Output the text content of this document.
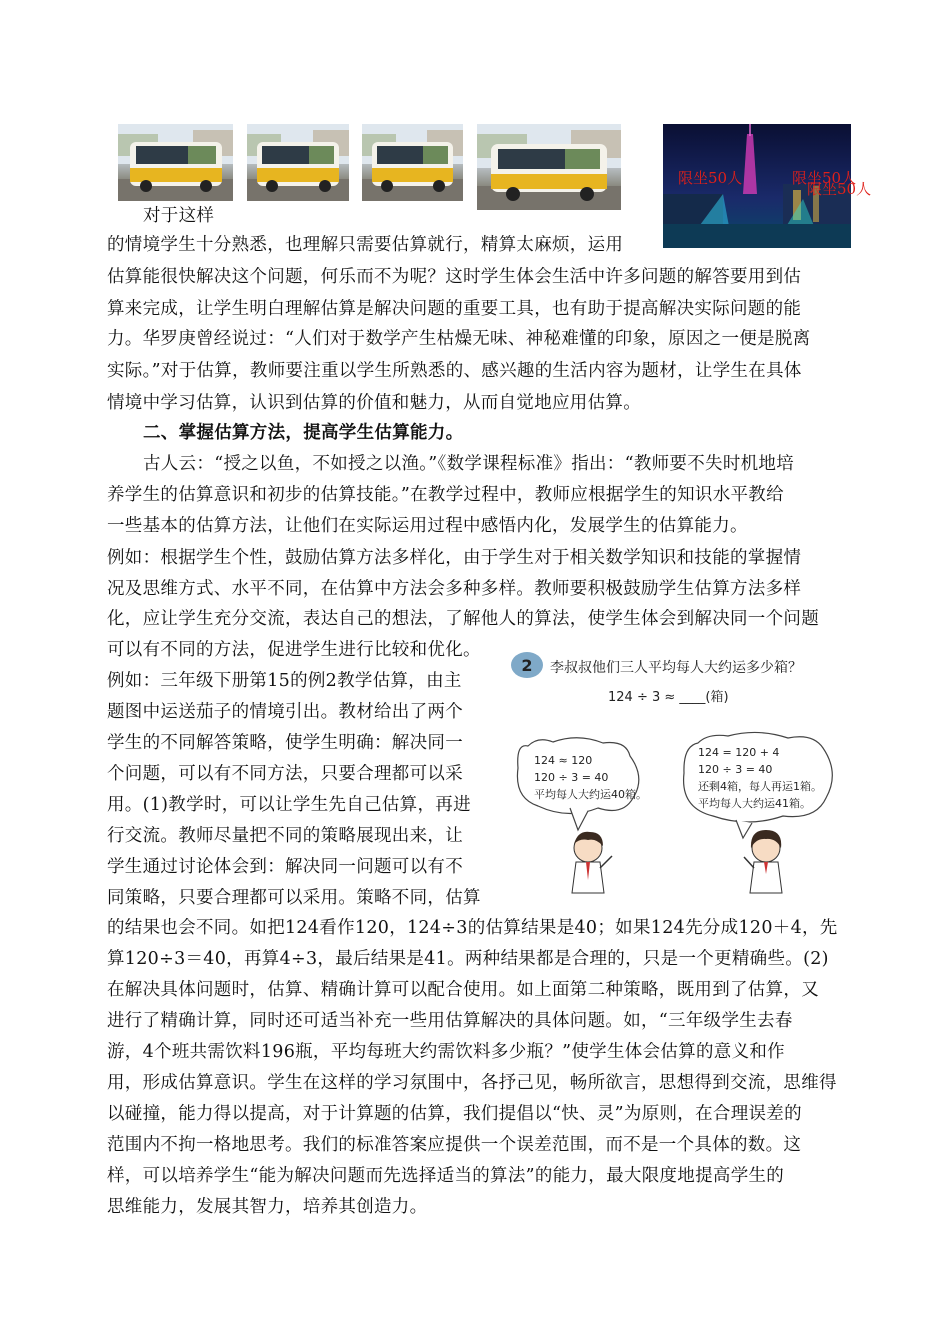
限坐50人	限坐50人
限坐50人
对于这样
的情境学生十分熟悉，也理解只需要估算就行，精算太麻烦，运用
估算能很快解决这个问题，何乐而不为呢？这时学生体会生活中许多问题的解答要用到估
算来完成，让学生明白理解估算是解决问题的重要工具，也有助于提高解决实际问题的能
力。华罗庚曾经说过：“人们对于数学产生枯燥无味、神秘难懂的印象，原因之一便是脱离
实际。”对于估算，教师要注重以学生所熟悉的、感兴趣的生活内容为题材，让学生在具体
情境中学习估算，认识到估算的价值和魅力，从而自觉地应用估算。
二、掌握估算方法，提高学生估算能力。
古人云：“授之以鱼，不如授之以渔。”《数学课程标准》指出：“教师要不失时机地培
养学生的估算意识和初步的估算技能。”在教学过程中，教师应根据学生的知识水平教给
一些基本的估算方法，让他们在实际运用过程中感悟内化，发展学生的估算能力。
例如：根据学生个性，鼓励估算方法多样化，由于学生对于相关数学知识和技能的掌握情
况及思维方式、水平不同，在估算中方法会多种多样。教师要积极鼓励学生估算方法多样
化，应让学生充分交流，表达自己的想法，了解他人的算法，使学生体会到解决同一个问题
可以有不同的方法，促进学生进行比较和优化。
例如：三年级下册第15的例2教学估算，由主
题图中运送茄子的情境引出。教材给出了两个
学生的不同解答策略，使学生明确：解决同一
个问题，可以有不同方法，只要合理都可以采
用。(1)教学时，可以让学生先自己估算，再进
行交流。教师尽量把不同的策略展现出来，让
学生通过讨论体会到：解决同一问题可以有不
同策略，只要合理都可以采用。策略不同，估算
的结果也会不同。如把124看作120，124÷3的估算结果是40；如果124先分成120＋4，先
算120÷3＝40，再算4÷3，最后结果是41。两种结果都是合理的，只是一个更精确些。(2)
在解决具体问题时，估算、精确计算可以配合使用。如上面第二种策略，既用到了估算，又
进行了精确计算，同时还可适当补充一些用估算解决的具体问题。如，“三年级学生去春
游，4个班共需饮料196瓶，平均每班大约需饮料多少瓶？”使学生体会估算的意义和作
用，形成估算意识。学生在这样的学习氛围中，各抒己见，畅所欲言，思想得到交流，思维得
以碰撞，能力得以提高，对于计算题的估算，我们提倡以“快、灵”为原则，在合理误差的
范围内不拘一格地思考。我们的标准答案应提供一个误差范围，而不是一个具体的数。这
样，可以培养学生“能为解决问题而先选择适当的算法”的能力，最大限度地提高学生的
思维能力，发展其智力，培养其创造力。
2 李叔叔他们三人平均每人大约运多少箱？
124 ÷ 3 ≈ ____(箱)
124 ≈ 120
120 ÷ 3 = 40
平均每人大约运40箱。
124 = 120 + 4
120 ÷ 3 = 40
还剩4箱，每人再运1箱。
平均每人大约运41箱。
